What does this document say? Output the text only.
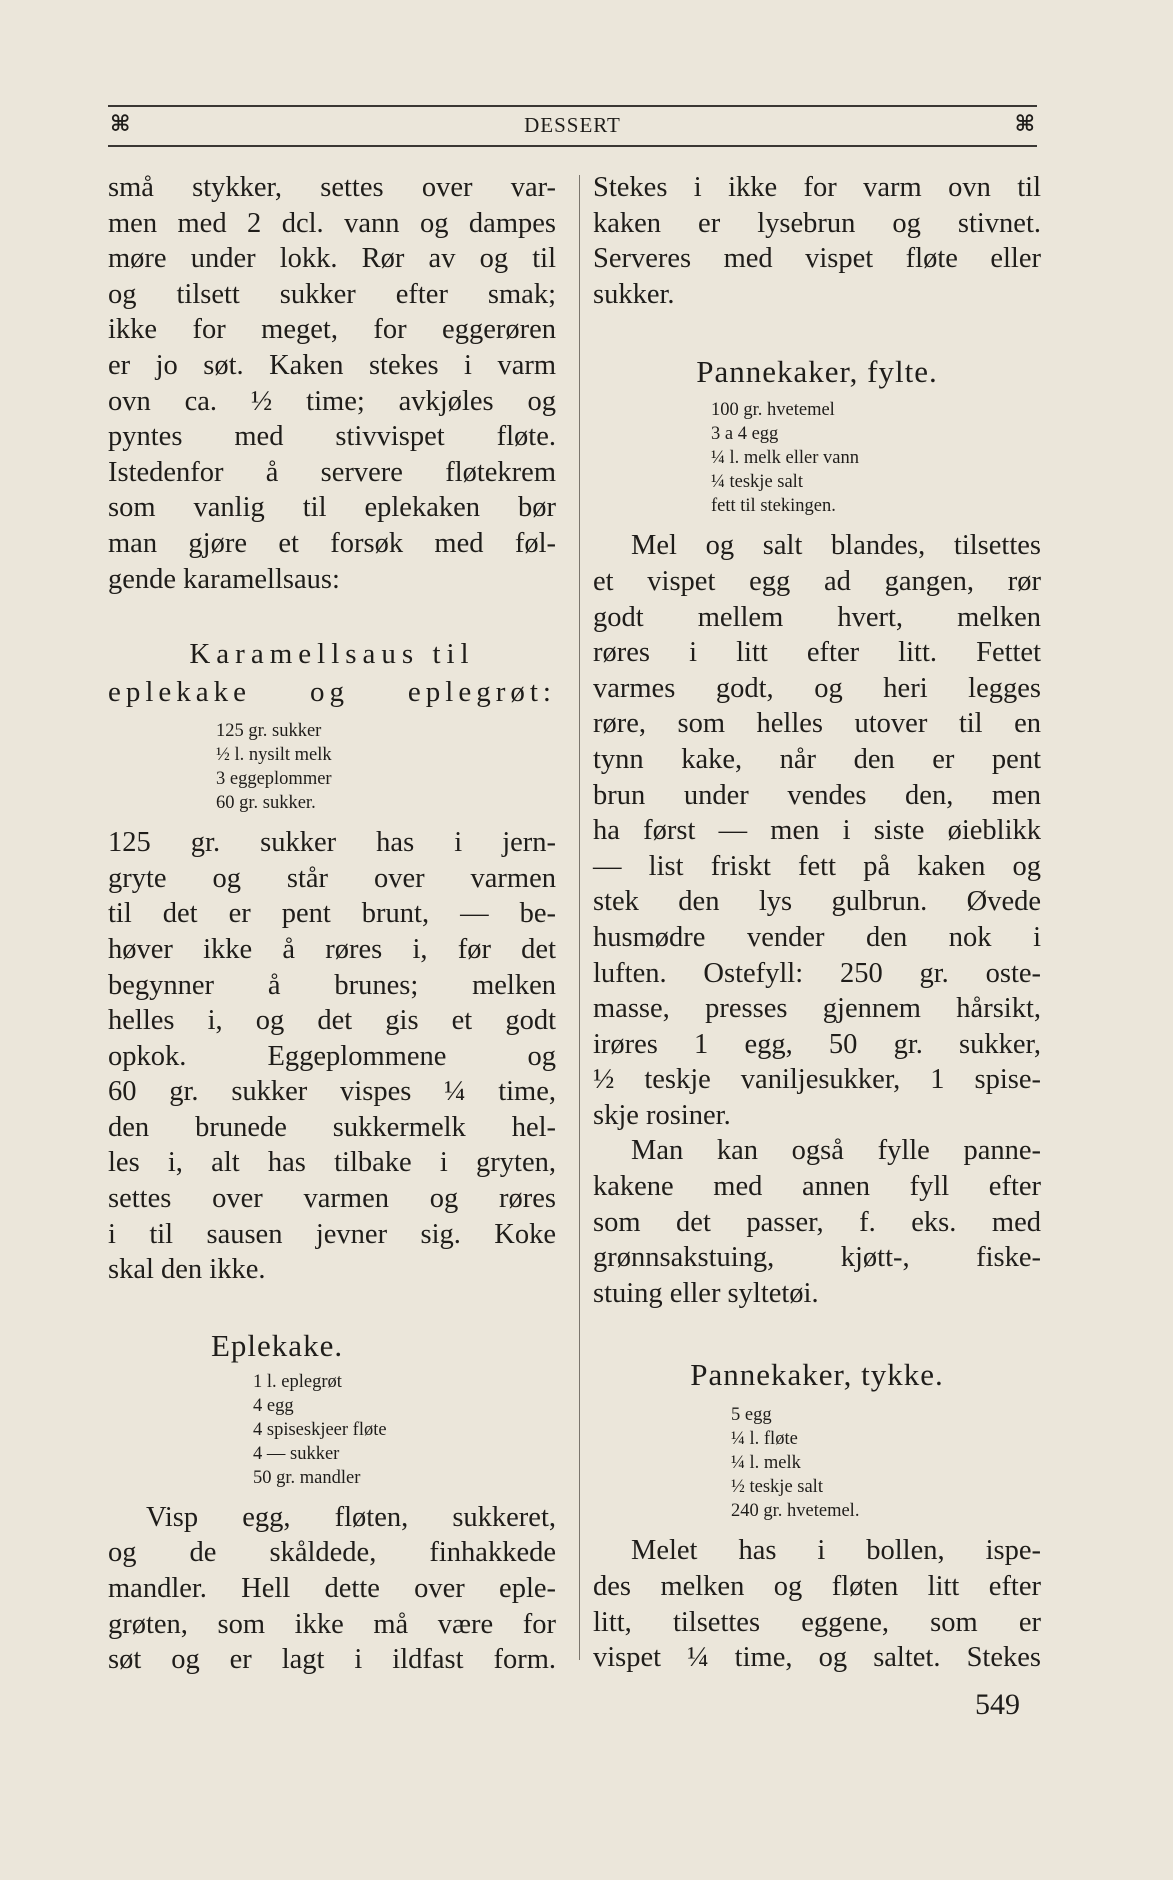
⌘	DESSERT	⌘
små stykker, settes over var-
men med 2 dcl. vann og dampes
møre under lokk. Rør av og til
og tilsett sukker efter smak;
ikke for meget, for eggerøren
er jo søt. Kaken stekes i varm
ovn ca. ½ time; avkjøles og
pyntes med stivvispet fløte.
Istedenfor å servere fløtekrem
som vanlig til eplekaken bør
man gjøre et forsøk med føl-
gende karamellsaus:
Karamellsaus til
eplekake og eplegrøt:
125 gr. sukker
½ l. nysilt melk
3 eggeplommer
60 gr. sukker.
125 gr. sukker has i jern-
gryte og står over varmen
til det er pent brunt, — be-
høver ikke å røres i, før det
begynner å brunes; melken
helles i, og det gis et godt
opkok. Eggeplommene og
60 gr. sukker vispes ¼ time,
den brunede sukkermelk hel-
les i, alt has tilbake i gryten,
settes over varmen og røres
i til sausen jevner sig. Koke
skal den ikke.
Eplekake.
1 l. eplegrøt
4 egg
4 spiseskjeer fløte
4 — sukker
50 gr. mandler
Visp egg, fløten, sukkeret,
og de skåldede, finhakkede
mandler. Hell dette over eple-
grøten, som ikke må være for
søt og er lagt i ildfast form.
Stekes i ikke for varm ovn til
kaken er lysebrun og stivnet.
Serveres med vispet fløte eller
sukker.
Pannekaker, fylte.
100 gr. hvetemel
3 a 4 egg
¼ l. melk eller vann
¼ teskje salt
fett til stekingen.
Mel og salt blandes, tilsettes
et vispet egg ad gangen, rør
godt mellem hvert, melken
røres i litt efter litt. Fettet
varmes godt, og heri legges
røre, som helles utover til en
tynn kake, når den er pent
brun under vendes den, men
ha først — men i siste øieblikk
— list friskt fett på kaken og
stek den lys gulbrun. Øvede
husmødre vender den nok i
luften. Ostefyll: 250 gr. oste-
masse, presses gjennem hårsikt,
irøres 1 egg, 50 gr. sukker,
½ teskje vaniljesukker, 1 spise-
skje rosiner.
Man kan også fylle panne-
kakene med annen fyll efter
som det passer, f. eks. med
grønnsakstuing, kjøtt-, fiske-
stuing eller syltetøi.
Pannekaker, tykke.
5 egg
¼ l. fløte
¼ l. melk
½ teskje salt
240 gr. hvetemel.
Melet has i bollen, ispe-
des melken og fløten litt efter
litt, tilsettes eggene, som er
vispet ¼ time, og saltet. Stekes
549
